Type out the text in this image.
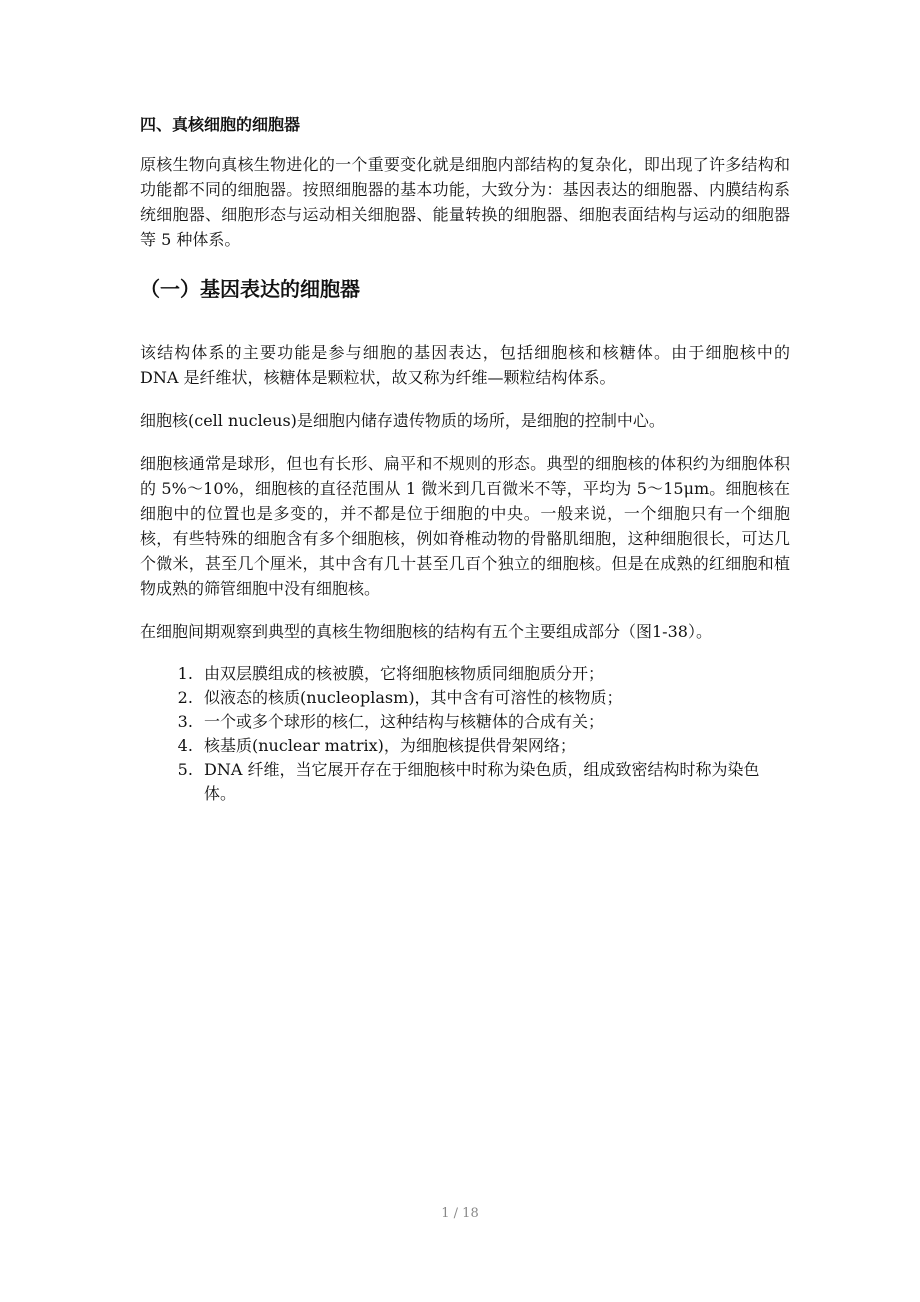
四、真核细胞的细胞器

原核生物向真核生物进化的一个重要变化就是细胞内部结构的复杂化，即出现了许多结构和功能都不同的细胞器。按照细胞器的基本功能，大致分为：基因表达的细胞器、内膜结构系统细胞器、细胞形态与运动相关细胞器、能量转换的细胞器、细胞表面结构与运动的细胞器等 5 种体系。

（一）基因表达的细胞器

该结构体系的主要功能是参与细胞的基因表达，包括细胞核和核糖体。由于细胞核中的 DNA 是纤维状，核糖体是颗粒状，故又称为纤维—颗粒结构体系。

细胞核(cell nucleus)是细胞内储存遗传物质的场所，是细胞的控制中心。

细胞核通常是球形，但也有长形、扁平和不规则的形态。典型的细胞核的体积约为细胞体积的 5%～10%，细胞核的直径范围从 1 微米到几百微米不等，平均为 5～15μm。细胞核在细胞中的位置也是多变的，并不都是位于细胞的中央。一般来说，一个细胞只有一个细胞核，有些特殊的细胞含有多个细胞核，例如脊椎动物的骨骼肌细胞，这种细胞很长，可达几个微米，甚至几个厘米，其中含有几十甚至几百个独立的细胞核。但是在成熟的红细胞和植物成熟的筛管细胞中没有细胞核。

在细胞间期观察到典型的真核生物细胞核的结构有五个主要组成部分（图1-38）。

1. 由双层膜组成的核被膜，它将细胞核物质同细胞质分开；
2. 似液态的核质(nucleoplasm)，其中含有可溶性的核物质；
3. 一个或多个球形的核仁，这种结构与核糖体的合成有关；
4. 核基质(nuclear matrix)，为细胞核提供骨架网络；
5. DNA 纤维，当它展开存在于细胞核中时称为染色质，组成致密结构时称为染色体。
1 / 18
